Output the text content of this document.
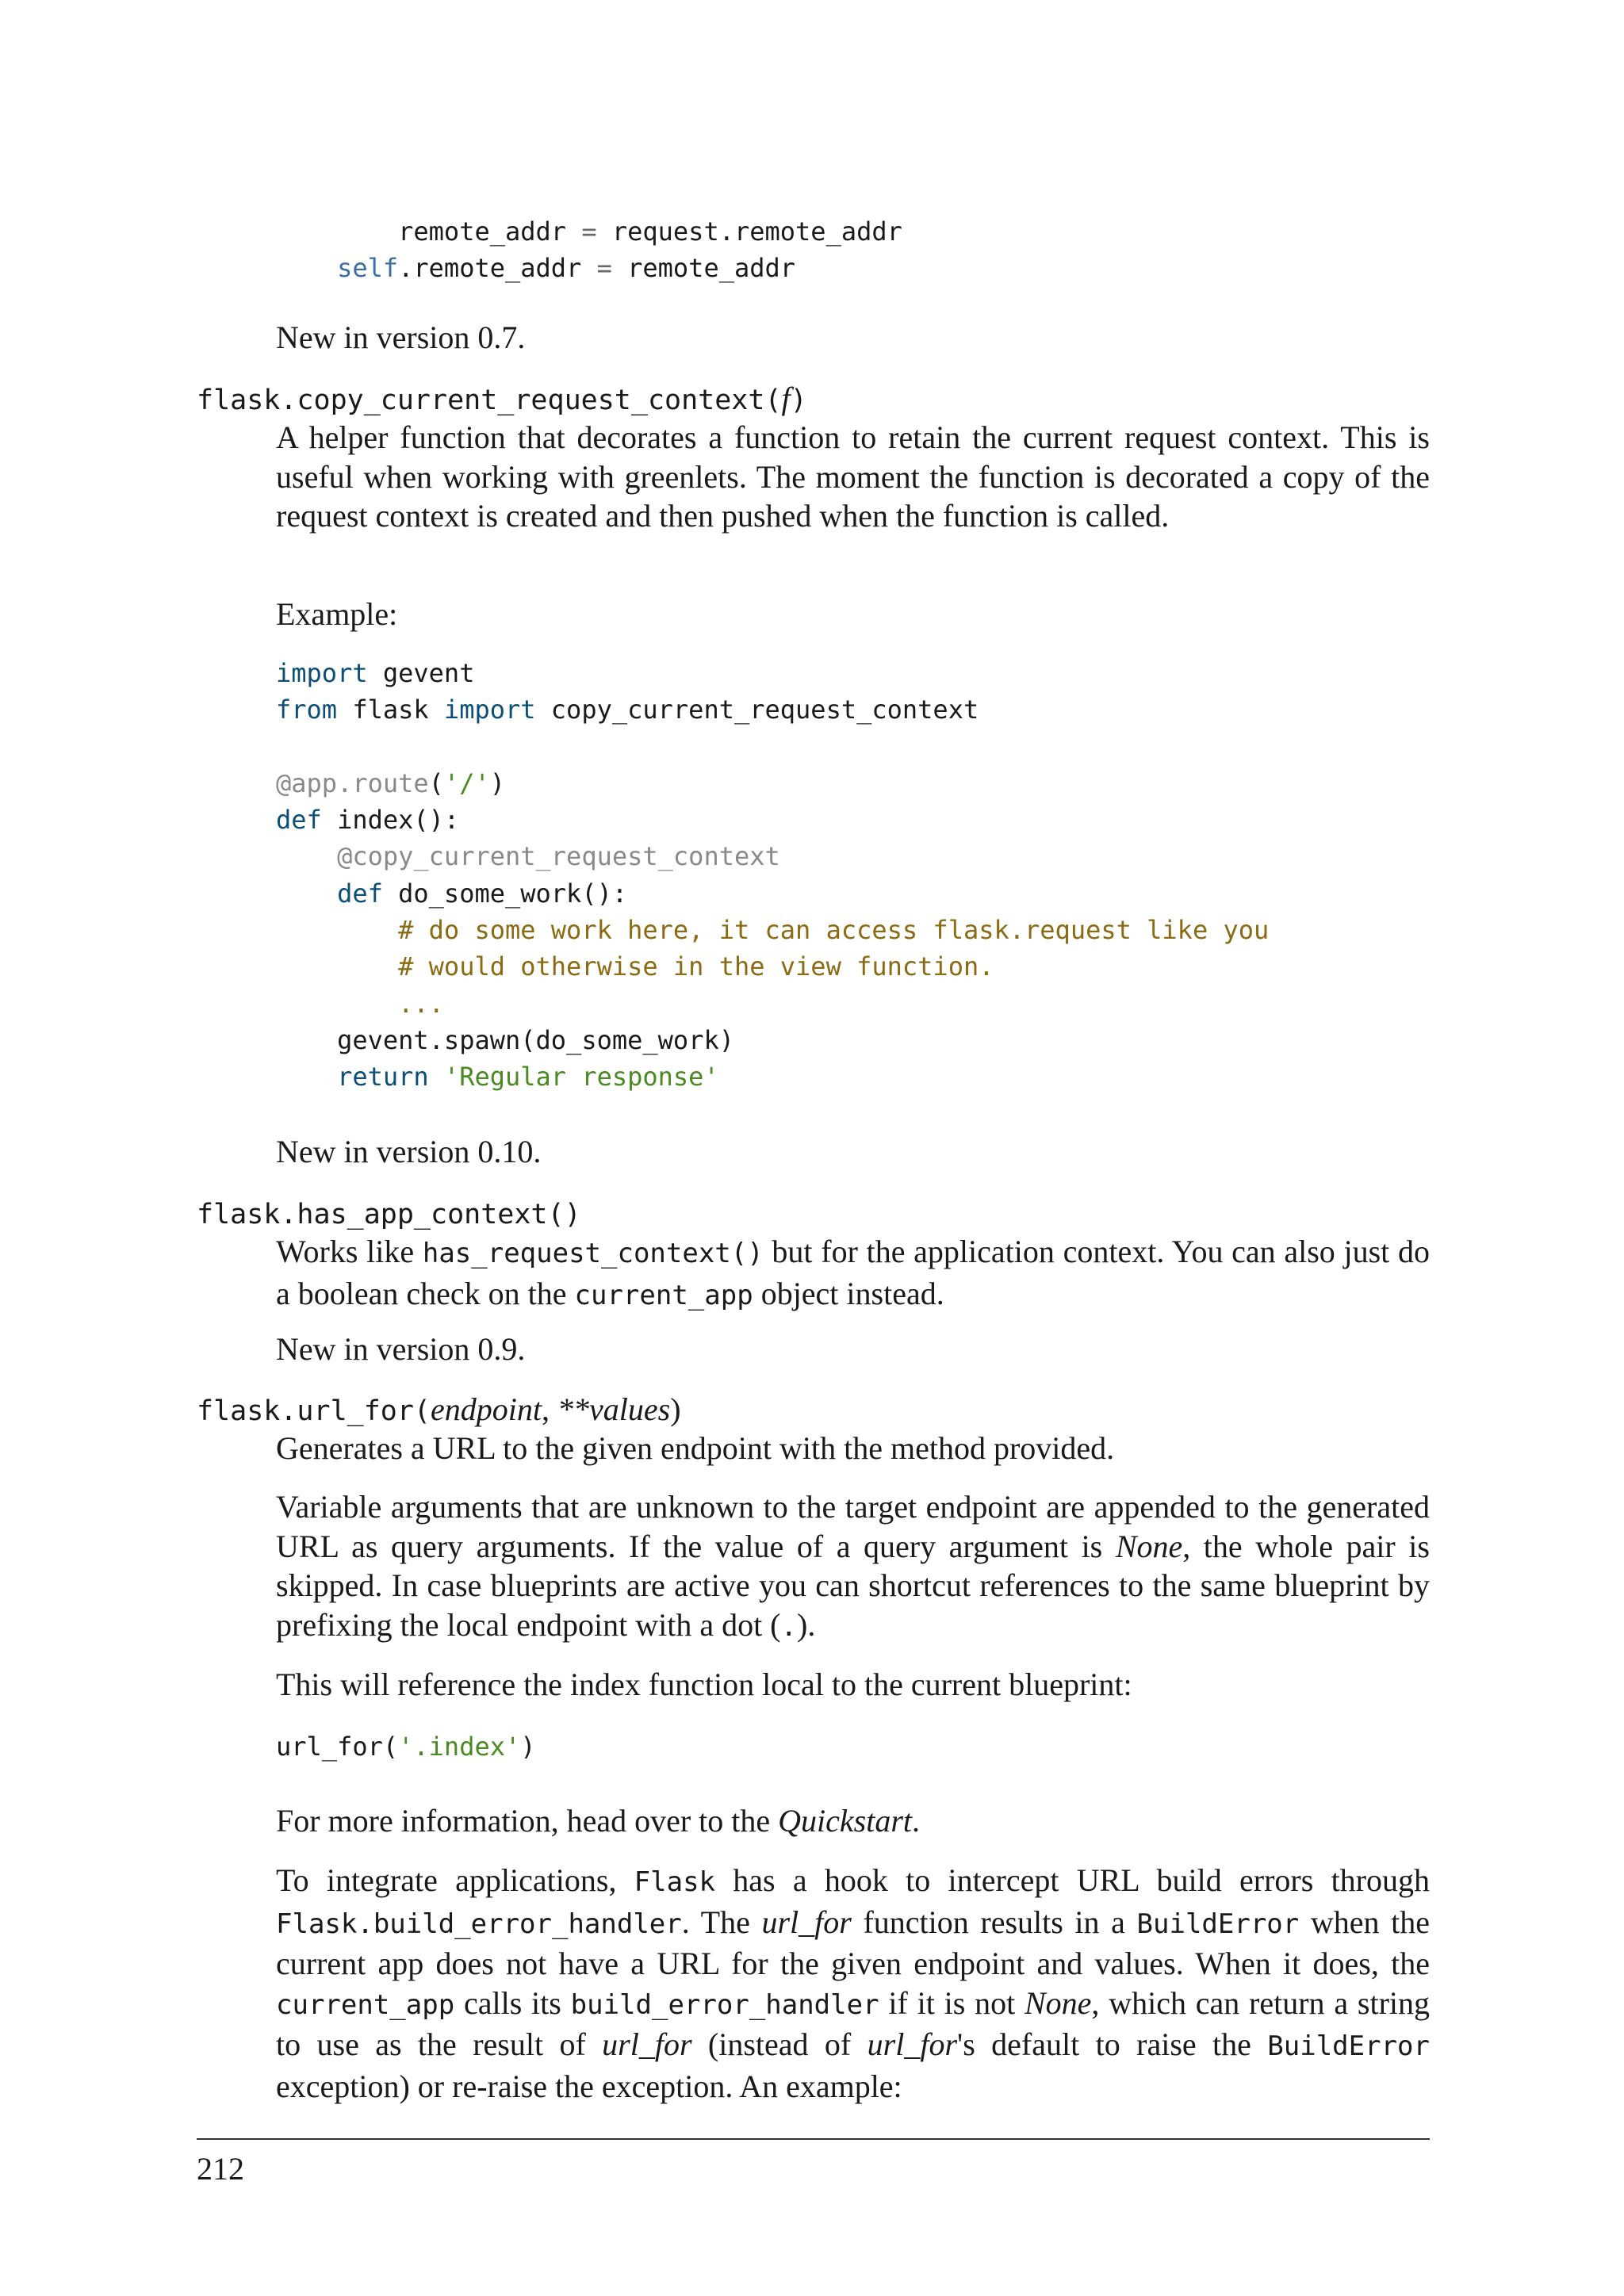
remote_addr = request.remote_addr
self.remote_addr = remote_addr

New in version 0.7.

flask.copy_current_request_context(f)

A helper function that decorates a function to retain the current request context. This is useful when working with greenlets. The moment the function is decorated a copy of the request context is created and then pushed when the function is called.

Example:

import gevent
from flask import copy_current_request_context

@app.route('/')
def index():
@copy_current_request_context
def do_some_work():
# do some work here, it can access flask.request like you
# would otherwise in the view function.
...
gevent.spawn(do_some_work)
return 'Regular response'

New in version 0.10.

flask.has_app_context()

Works like has_request_context() but for the application context. You can also just do a boolean check on the current_app object instead.

New in version 0.9.

flask.url_for(endpoint, **values)

Generates a URL to the given endpoint with the method provided.

Variable arguments that are unknown to the target endpoint are appended to the generated URL as query arguments. If the value of a query argument is None, the whole pair is skipped. In case blueprints are active you can shortcut references to the same blueprint by prefixing the local endpoint with a dot (.).

This will reference the index function local to the current blueprint:

url_for('.index')

For more information, head over to the Quickstart.

To integrate applications, Flask has a hook to intercept URL build errors through Flask.build_error_handler. The url_for function results in a BuildError when the current app does not have a URL for the given endpoint and values. When it does, the current_app calls its build_error_handler if it is not None, which can return a string to use as the result of url_for (instead of url_for's default to raise the BuildError exception) or re-raise the exception. An example:

212
